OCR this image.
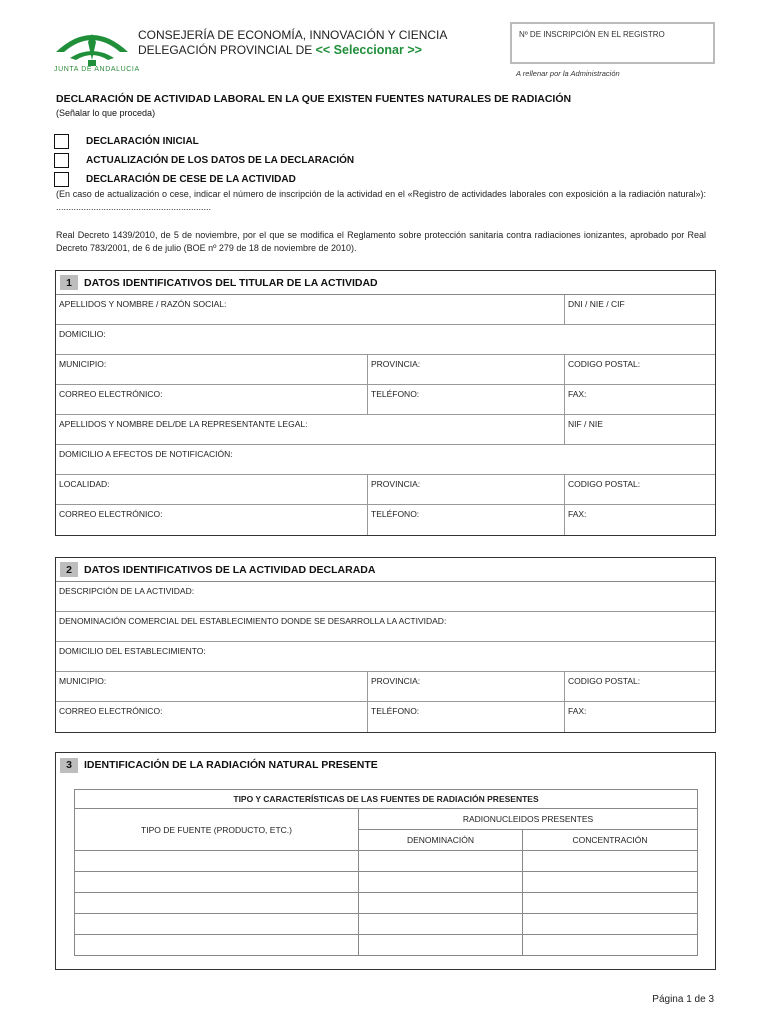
JUNTA DE ANDALUCIA
CONSEJERÍA DE ECONOMÍA, INNOVACIÓN Y CIENCIA
DELEGACIÓN PROVINCIAL DE << Seleccionar >>
Nº DE INSCRIPCIÓN EN EL REGISTRO
A rellenar por la Administración
DECLARACIÓN DE ACTIVIDAD LABORAL EN LA QUE EXISTEN FUENTES NATURALES DE RADIACIÓN
(Señalar lo que proceda)
DECLARACIÓN INICIAL
ACTUALIZACIÓN DE LOS DATOS DE LA DECLARACIÓN
DECLARACIÓN DE CESE DE LA ACTIVIDAD
(En caso de actualización o cese, indicar el número de inscripción de la actividad en el «Registro de actividades laborales con exposición a la radiación natural»): ..............................................................
Real Decreto 1439/2010, de 5 de noviembre, por el que se modifica el Reglamento sobre protección sanitaria contra radiaciones ionizantes, aprobado por Real Decreto 783/2001, de 6 de julio (BOE nº 279 de 18 de noviembre de 2010).
1	DATOS IDENTIFICATIVOS DEL TITULAR DE LA ACTIVIDAD
APELLIDOS Y NOMBRE / RAZÓN SOCIAL:	DNI / NIE / CIF
DOMICILIO:
MUNICIPIO:	PROVINCIA:	CODIGO POSTAL:
CORREO ELECTRÓNICO:	TELÉFONO:	FAX:
APELLIDOS Y NOMBRE DEL/DE LA REPRESENTANTE LEGAL:	NIF / NIE
DOMICILIO A EFECTOS DE NOTIFICACIÓN:
LOCALIDAD:	PROVINCIA:	CODIGO POSTAL:
CORREO ELECTRÓNICO:	TELÉFONO:	FAX:
2	DATOS IDENTIFICATIVOS DE LA ACTIVIDAD DECLARADA
DESCRIPCIÓN DE LA ACTIVIDAD:
DENOMINACIÓN COMERCIAL DEL ESTABLECIMIENTO DONDE SE DESARROLLA LA ACTIVIDAD:
DOMICILIO DEL ESTABLECIMIENTO:
MUNICIPIO:	PROVINCIA:	CODIGO POSTAL:
CORREO ELECTRÓNICO:	TELÉFONO:	FAX:
3	IDENTIFICACIÓN DE LA RADIACIÓN NATURAL PRESENTE
TIPO Y CARACTERÍSTICAS DE LAS FUENTES DE RADIACIÓN PRESENTES		
TIPO DE FUENTE (PRODUCTO, ETC.)	RADIONUCLEIDOS PRESENTES	
	DENOMINACIÓN	CONCENTRACIÓN

Página 1 de 3
